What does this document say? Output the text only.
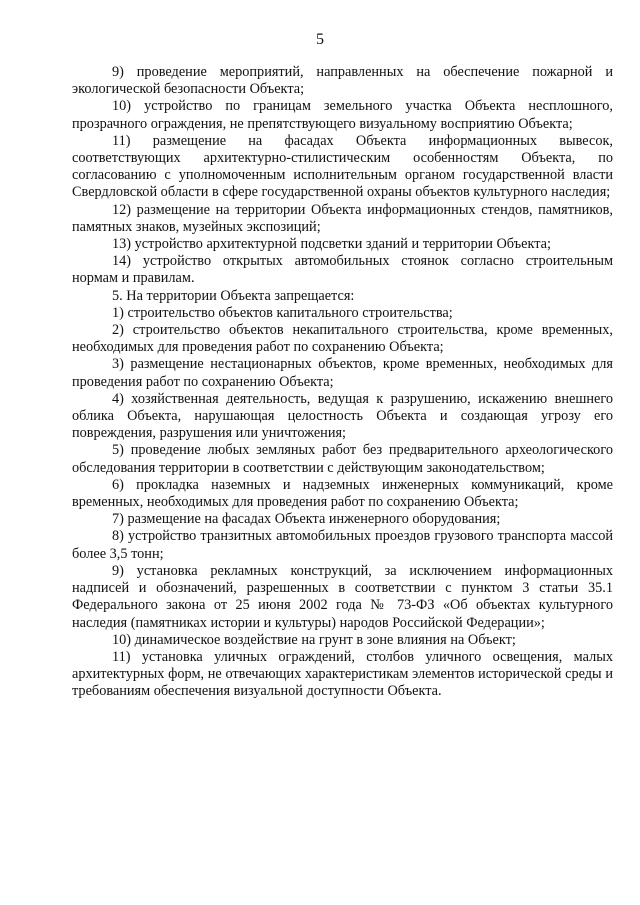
5

9) проведение мероприятий, направленных на обеспечение пожарной и экологической безопасности Объекта;

10) устройство по границам земельного участка Объекта несплошного, прозрачного ограждения, не препятствующего визуальному восприятию Объекта;

11) размещение на фасадах Объекта информационных вывесок, соответствующих архитектурно-стилистическим особенностям Объекта, по согласованию с уполномоченным исполнительным органом государственной власти Свердловской области в сфере государственной охраны объектов культурного наследия;

12) размещение на территории Объекта информационных стендов, памятников, памятных знаков, музейных экспозиций;

13) устройство архитектурной подсветки зданий и территории Объекта;

14) устройство открытых автомобильных стоянок согласно строительным нормам и правилам.

5. На территории Объекта запрещается:

1) строительство объектов капитального строительства;

2) строительство объектов некапитального строительства, кроме временных, необходимых для проведения работ по сохранению Объекта;

3) размещение нестационарных объектов, кроме временных, необходимых для проведения работ по сохранению Объекта;

4) хозяйственная деятельность, ведущая к разрушению, искажению внешнего облика Объекта, нарушающая целостность Объекта и создающая угрозу его повреждения, разрушения или уничтожения;

5) проведение любых земляных работ без предварительного археологического обследования территории в соответствии с действующим законодательством;

6) прокладка наземных и надземных инженерных коммуникаций, кроме временных, необходимых для проведения работ по сохранению Объекта;

7) размещение на фасадах Объекта инженерного оборудования;

8) устройство транзитных автомобильных проездов грузового транспорта массой более 3,5 тонн;

9) установка рекламных конструкций, за исключением информационных надписей и обозначений, разрешенных в соответствии с пунктом 3 статьи 35.1 Федерального закона от 25 июня 2002 года № 73-ФЗ «Об объектах культурного наследия (памятниках истории и культуры) народов Российской Федерации»;

10) динамическое воздействие на грунт в зоне влияния на Объект;

11) установка уличных ограждений, столбов уличного освещения, малых архитектурных форм, не отвечающих характеристикам элементов исторической среды и требованиям обеспечения визуальной доступности Объекта.
